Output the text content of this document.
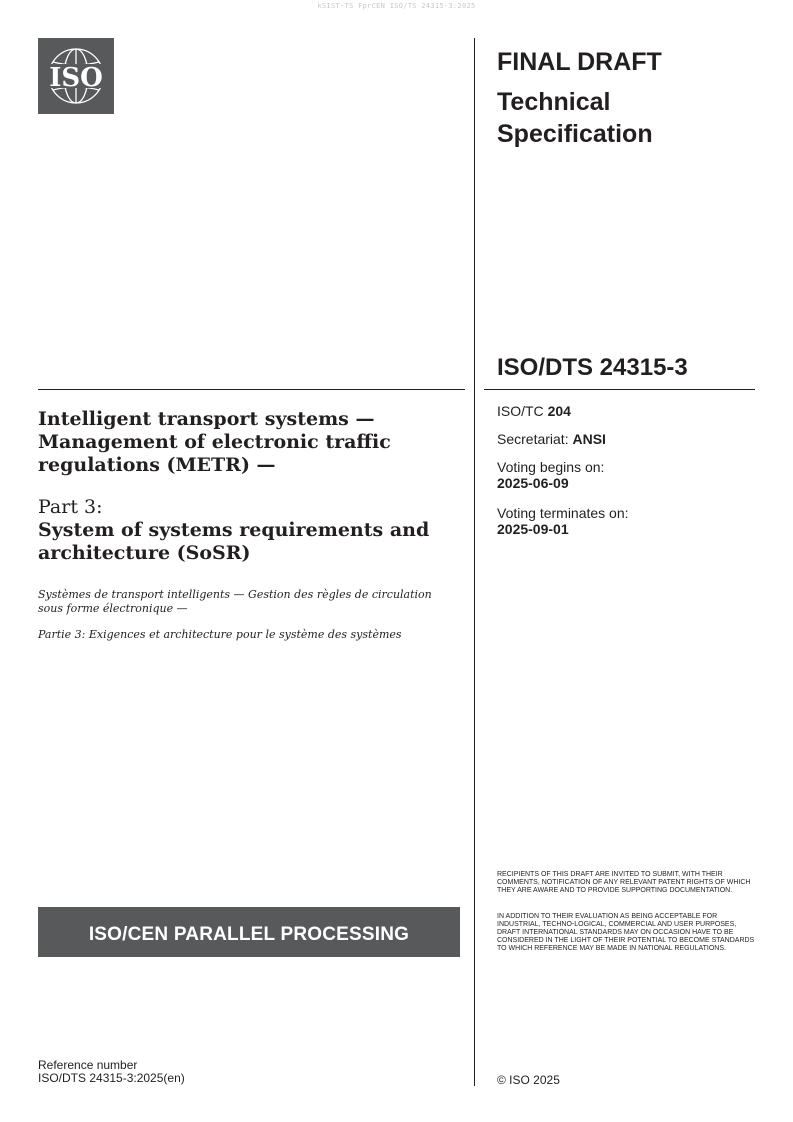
kSIST-TS FprCEN ISO/TS 24315-3:2025
ISO
FINAL DRAFT
Technical Specification
ISO/DTS 24315-3
ISO/TC 204
Secretariat: ANSI
Voting begins on:
2025-06-09
Voting terminates on:
2025-09-01
Intelligent transport systems — Management of electronic traffic regulations (METR) —
Part 3:
System of systems requirements and architecture (SoSR)
Systèmes de transport intelligents — Gestion des règles de circulation sous forme électronique —
Partie 3: Exigences et architecture pour le système des systèmes
ISO/CEN PARALLEL PROCESSING
RECIPIENTS OF THIS DRAFT ARE INVITED TO SUBMIT, WITH THEIR COMMENTS, NOTIFICATION OF ANY RELEVANT PATENT RIGHTS OF WHICH THEY ARE AWARE AND TO PROVIDE SUPPORTING DOCUMENTATION.
IN ADDITION TO THEIR EVALUATION AS BEING ACCEPTABLE FOR INDUSTRIAL, TECHNO-LOGICAL, COMMERCIAL AND USER PURPOSES, DRAFT INTERNATIONAL STANDARDS MAY ON OCCASION HAVE TO BE CONSIDERED IN THE LIGHT OF THEIR POTENTIAL TO BECOME STANDARDS TO WHICH REFERENCE MAY BE MADE IN NATIONAL REGULATIONS.
Reference number
ISO/DTS 24315-3:2025(en)	© ISO 2025
